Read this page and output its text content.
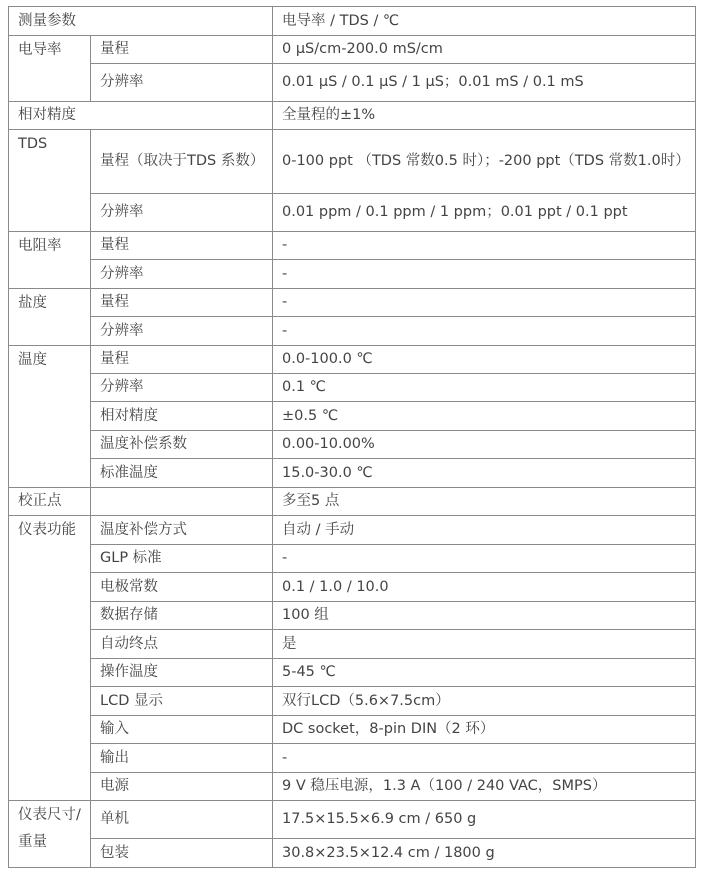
测量参数		电导率 / TDS / ℃
电导率	量程	0 μS/cm-200.0 mS/cm
	分辨率	0.01 μS / 0.1 μS / 1 μS；0.01 mS / 0.1 mS
相对精度		全量程的±1%
TDS	量程（取决于TDS 系数）	0-100 ppt （TDS 常数0.5 时）；-200 ppt（TDS 常数1.0时）
	分辨率	0.01 ppm / 0.1 ppm / 1 ppm；0.01 ppt / 0.1 ppt
电阻率	量程	-
	分辨率	-
盐度	量程	-
	分辨率	-
温度	量程	0.0-100.0 ℃
	分辨率	0.1 ℃
	相对精度	±0.5 ℃
	温度补偿系数	0.00-10.00%
	标准温度	15.0-30.0 ℃
校正点		多至5 点
仪表功能	温度补偿方式	自动 / 手动
	GLP 标准	-
	电极常数	0.1 / 1.0 / 10.0
	数据存储	100 组
	自动终点	是
	操作温度	5-45 ℃
	LCD 显示	双行LCD（5.6×7.5cm）
	输入	DC socket，8-pin DIN（2 环）
	输出	-
	电源	9 V 稳压电源，1.3 A（100 / 240 VAC，SMPS）
仪表尺寸/ 重量	单机	17.5×15.5×6.9 cm / 650 g
	包装	30.8×23.5×12.4 cm / 1800 g
